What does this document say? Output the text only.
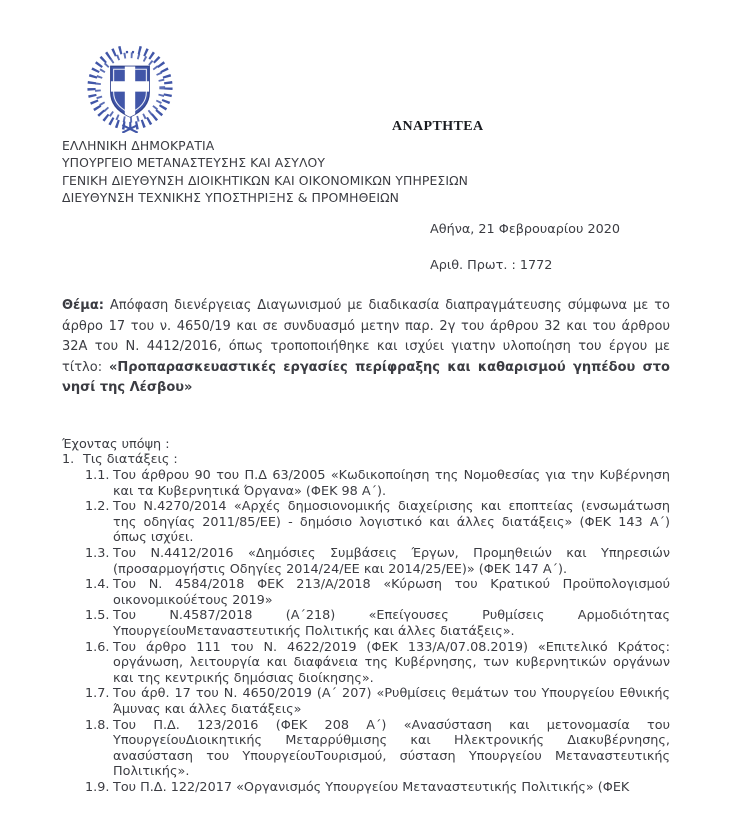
ΑΝΑΡΤΗΤΕΑ
ΕΛΛΗΝΙΚΗ ΔΗΜΟΚΡΑΤΙΑ
ΥΠΟΥΡΓΕΙΟ ΜΕΤΑΝΑΣΤΕΥΣΗΣ ΚΑΙ ΑΣΥΛΟΥ
ΓΕΝΙΚΗ ΔΙΕΥΘΥΝΣΗ ΔΙΟΙΚΗΤΙΚΩΝ ΚΑΙ ΟΙΚΟΝΟΜΙΚΩΝ ΥΠΗΡΕΣΙΩΝ
ΔΙΕΥΘΥΝΣΗ ΤΕΧΝΙΚΗΣ ΥΠΟΣΤΗΡΙΞΗΣ & ΠΡΟΜΗΘΕΙΩΝ
Αθήνα, 21 Φεβρουαρίου 2020
Αριθ. Πρωτ. : 1772

Θέμα: Απόφαση διενέργειας Διαγωνισμού με διαδικασία διαπραγμάτευσης σύμφωνα με το άρθρο 17 του ν. 4650/19 και σε συνδυασμό μετην παρ. 2γ του άρθρου 32 και του άρθρου 32Α του Ν. 4412/2016, όπως τροποποιήθηκε και ισχύει γιατην υλοποίηση του έργου με τίτλο: «Προπαρασκευαστικές εργασίες περίφραξης και καθαρισμού γηπέδου στο νησί της Λέσβου»

Έχοντας υπόψη :
1. Τις διατάξεις :
1.1. Του άρθρου 90 του Π.Δ 63/2005 «Κωδικοποίηση της Νομοθεσίας για την Κυβέρνηση και τα Κυβερνητικά Όργανα» (ΦΕΚ 98 Α΄).
1.2. Του Ν.4270/2014 «Αρχές δημοσιονομικής διαχείρισης και εποπτείας (ενσωμάτωση της οδηγίας 2011/85/ΕΕ) - δημόσιο λογιστικό και άλλες διατάξεις» (ΦΕΚ 143 Α΄) όπως ισχύει.
1.3. Του Ν.4412/2016 «Δημόσιες Συμβάσεις Έργων, Προμηθειών και Υπηρεσιών (προσαρμογήστις Οδηγίες 2014/24/ΕΕ και 2014/25/ΕΕ)» (ΦΕΚ 147 Α΄).
1.4. Του Ν. 4584/2018 ΦΕΚ 213/Α/2018 «Κύρωση του Κρατικού Προϋπολογισμού οικονομικούέτους 2019»
1.5. Του Ν.4587/2018 (Α΄218) «Επείγουσες Ρυθμίσεις Αρμοδιότητας ΥπουργείουΜεταναστευτικής Πολιτικής και άλλες διατάξεις».
1.6. Του άρθρο 111 του Ν. 4622/2019 (ΦΕΚ 133/Α/07.08.2019) «Επιτελικό Κράτος: οργάνωση, λειτουργία και διαφάνεια της Κυβέρνησης, των κυβερνητικών οργάνων και της κεντρικής δημόσιας διοίκησης».
1.7. Του άρθ. 17 του Ν. 4650/2019 (Α΄ 207) «Ρυθμίσεις θεμάτων του Υπουργείου Εθνικής Άμυνας και άλλες διατάξεις»
1.8. Του Π.Δ. 123/2016 (ΦΕΚ 208 Α΄) «Ανασύσταση και μετονομασία του ΥπουργείουΔιοικητικής Μεταρρύθμισης και Ηλεκτρονικής Διακυβέρνησης, ανασύσταση του ΥπουργείουΤουρισμού, σύσταση Υπουργείου Μεταναστευτικής Πολιτικής».
1.9. Του Π.Δ. 122/2017 «Οργανισμός Υπουργείου Μεταναστευτικής Πολιτικής» (ΦΕΚ
